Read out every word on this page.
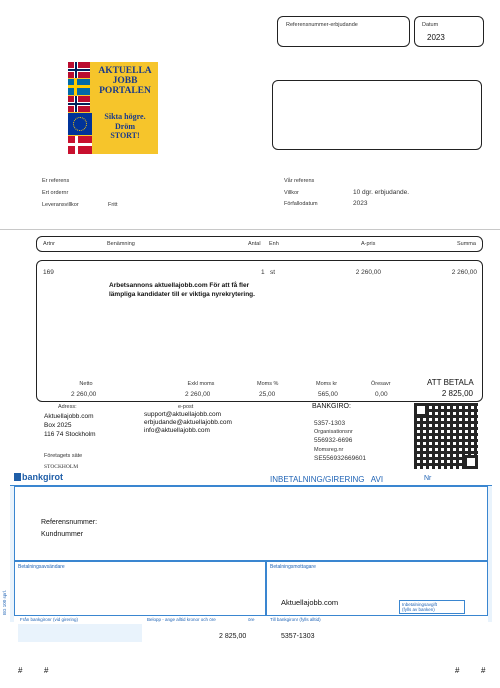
Referensnummer-erbjudande	Datum
2023
AKTUELLA
JOBB
PORTALEN
Sikta högre.
Dröm
STORT!
Er referens
Ert ordernr
Leveransvillkor	Fritt
Vår referens
Villkor	10 dgr. erbjudande.
Förfallodatum	2023
Artnr	Benämning	Antal Enh	A-pris	Summa
169	1 st	2 260,00	2 260,00
Arbetsannons aktuellajobb.com För att få fler
lämpliga kandidater till er viktiga nyrekrytering.
Netto
2 260,00
Exkl moms
2 260,00
Moms %
25,00
Moms kr
565,00
Öresavr
0,00
ATT BETALA
2 825,00
Adress:
Aktuellajobb.com
Box 2025
116 74 Stockholm
Företagets säte
STOCKHOLM
e-post
support@aktuellajobb.com
erbjudande@aktuellajobb.com
info@aktuellajobb.com
BANKGIRO:
5357-1303
Organisationsnr
556932-6696
Momsreg.nr
SE556932669601
bankgirot	INBETALNING/GIRERING   AVI	Nr
Referensnummer:
Kundnummer
Betalningsavsändare	Betalningsmottagare
Aktuellajobb.com	Inbetalningsavgift
(fylls av banken)
BG 100 sprl.
Från bankgironr (vid girering)	Belopp - ange alltid kronor och öre	öre
2 825,00
Till bankgironr (fylls alltid)
5357-1303
#	#	#	#
